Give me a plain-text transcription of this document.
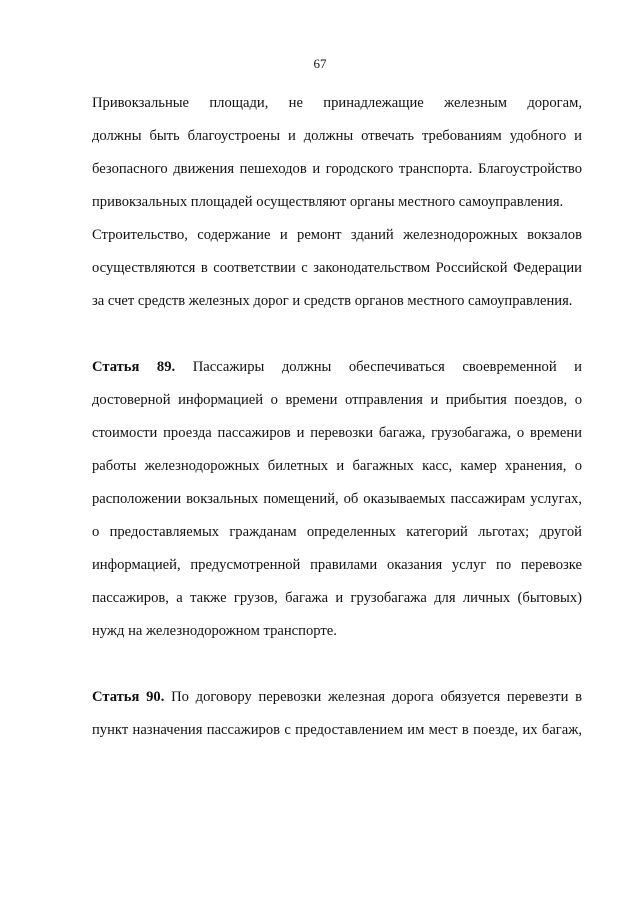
67

Привокзальные площади, не принадлежащие железным дорогам,
должны быть благоустроены и должны отвечать требованиям удобного и
безопасного движения пешеходов и городского транспорта. Благоустройство
привокзальных площадей осуществляют органы местного самоуправления.
Строительство, содержание и ремонт зданий железнодорожных вокзалов
осуществляются в соответствии с законодательством Российской Федерации
за счет средств железных дорог и средств органов местного самоуправления.
Статья 89. Пассажиры должны обеспечиваться своевременной и
достоверной информацией о времени отправления и прибытия поездов, о
стоимости проезда пассажиров и перевозки багажа, грузобагажа, о времени
работы железнодорожных билетных и багажных касс, камер хранения, о
расположении вокзальных помещений, об оказываемых пассажирам услугах,
о предоставляемых гражданам определенных категорий льготах; другой
информацией, предусмотренной правилами оказания услуг по перевозке
пассажиров, а также грузов, багажа и грузобагажа для личных (бытовых)
нужд на железнодорожном транспорте.
Статья 90. По договору перевозки железная дорога обязуется перевезти в
пункт назначения пассажиров с предоставлением им мест в поезде, их багаж,
